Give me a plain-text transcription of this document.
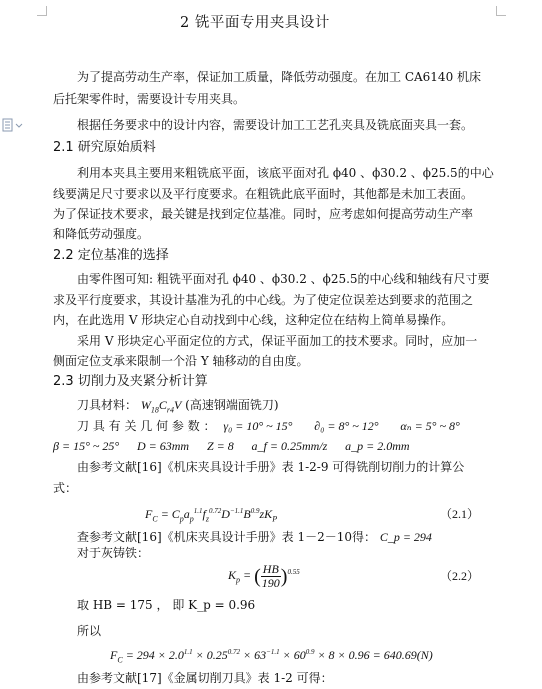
2 铣平面专用夹具设计
为了提高劳动生产率，保证加工质量，降低劳动强度。在加工 CA6140 机床
后托架零件时，需要设计专用夹具。
根据任务要求中的设计内容，需要设计加工工艺孔夹具及铣底面夹具一套。
2.1 研究原始质料
利用本夹具主要用来粗铣底平面，该底平面对孔 ϕ40 、ϕ30.2 、ϕ25.5的中心
线要满足尺寸要求以及平行度要求。在粗铣此底平面时，其他都是未加工表面。
为了保证技术要求，最关键是找到定位基准。同时，应考虑如何提高劳动生产率
和降低劳动强度。
2.2 定位基准的选择
由零件图可知: 粗铣平面对孔 ϕ40 、ϕ30.2 、ϕ25.5的中心线和轴线有尺寸要
求及平行度要求，其设计基准为孔的中心线。为了使定位误差达到要求的范围之
内，在此选用 V 形块定心自动找到中心线，这种定位在结构上简单易操作。
采用 V 形块定心平面定位的方式，保证平面加工的技术要求。同时，应加一
侧面定位支承来限制一个沿 Y 轴移动的自由度。
2.3 切削力及夹紧分析计算
刀具材料： $W_{18}C_{r4}V$ (高速钢端面铣刀)
刀 具 有 关 几 何 参 数 ： γ₀ = 10° ~ 15° ∂₀ = 8° ~ 12° αₙ = 5° ~ 8°
β = 15° ~ 25° D = 63mm Z = 8 a_f = 0.25mm/z a_p = 2.0mm
由参考文献[16]《机床夹具设计手册》表 1-2-9 可得铣削切削力的计算公
式：
$F_C = C_pa_p^{1.1}f_z^{0.72}D^{-1.1}B^{0.9}zK_P$	（2.1）
查参考文献[16]《机床夹具设计手册》表 1－2－10得： C_p = 294
对于灰铸铁：
$K_p$ = ( $\frac{HB}{190} )^{0.55}$	（2.2）
取 HB = 175 ， 即 K_p = 0.96
所以
$F_C = 294 \times 2.0^{1.1} \times 0.25^{0.72} \times 63^{-1.1} \times 60^{0.9} \times 8 \times 0.96 = 640.69(N)$
由参考文献[17]《金属切削刀具》表 1-2 可得：
